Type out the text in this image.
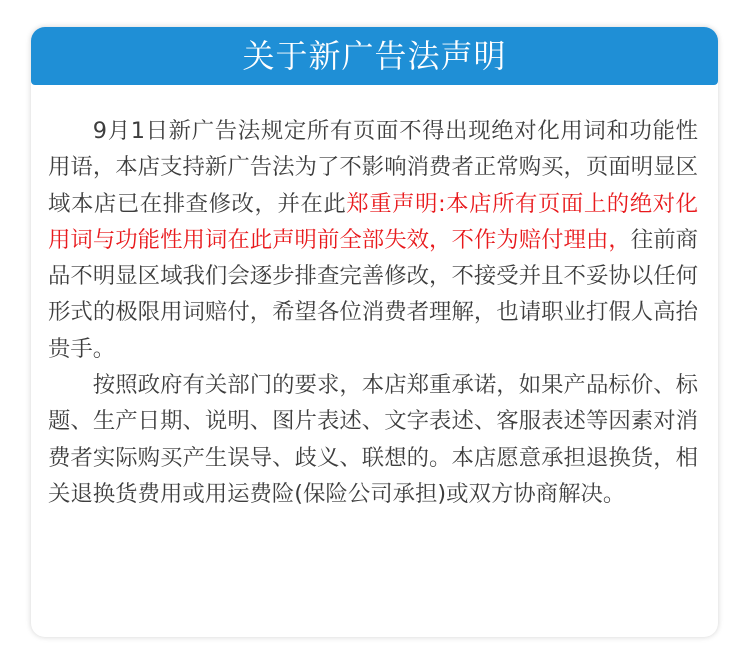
关于新广告法声明

9月1日新广告法规定所有页面不得出现绝对化用词和功能性用语，本店支持新广告法为了不影响消费者正常购买，页面明显区域本店已在排查修改，并在此郑重声明:本店所有页面上的绝对化用词与功能性用词在此声明前全部失效，不作为赔付理由，往前商品不明显区域我们会逐步排查完善修改，不接受并且不妥协以任何形式的极限用词赔付，希望各位消费者理解，也请职业打假人高抬贵手。

按照政府有关部门的要求，本店郑重承诺，如果产品标价、标题、生产日期、说明、图片表述、文字表述、客服表述等因素对消费者实际购买产生误导、歧义、联想的。本店愿意承担退换货，相关退换货费用或用运费险(保险公司承担)或双方协商解决。
